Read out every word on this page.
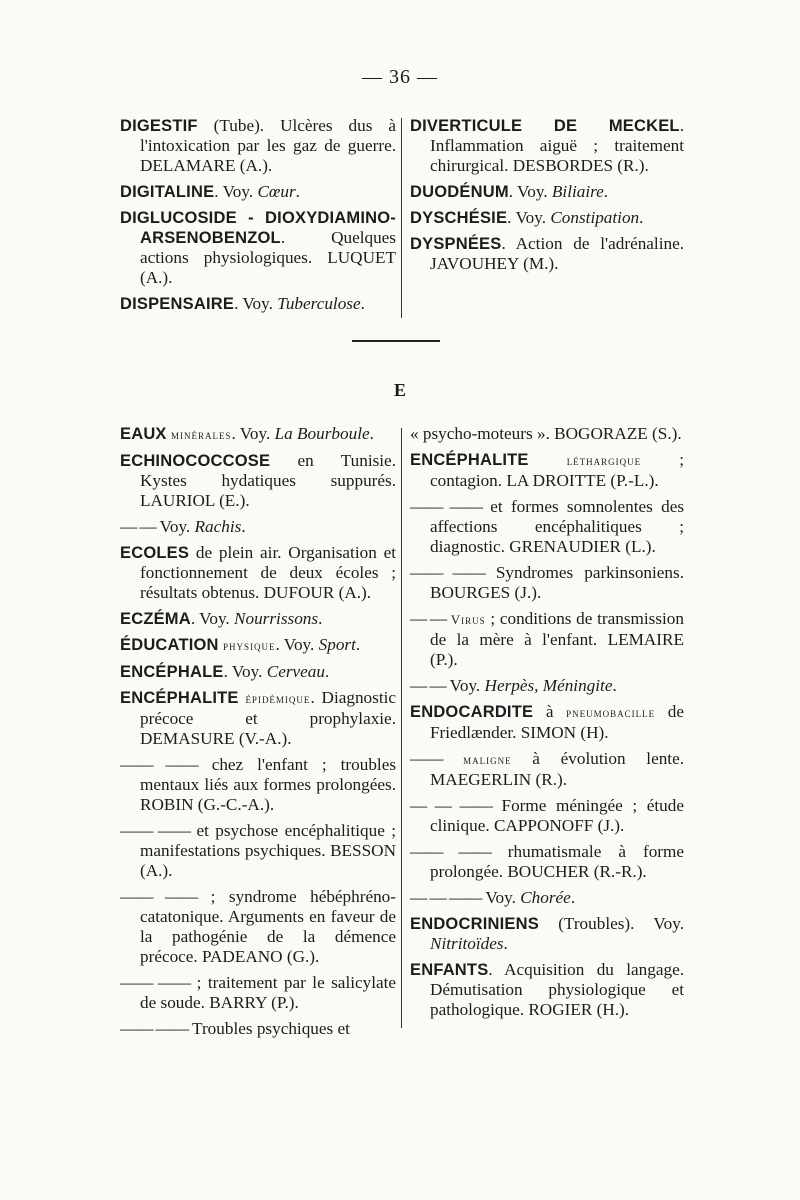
— 36 —

DIGESTIF (Tube). Ulcères dus à l'intoxication par les gaz de guerre. DELAMARE (A.).

DIGITALINE. Voy. Cœur.

DIGLUCOSIDE - DIOXYDIAMINO-ARSENOBENZOL. Quelques actions physiologiques. LUQUET (A.).

DISPENSAIRE. Voy. Tuberculose.

DIVERTICULE DE MECKEL. Inflammation aiguë ; traitement chirurgical. DESBORDES (R.).

DUODÉNUM. Voy. Biliaire.

DYSCHÉSIE. Voy. Constipation.

DYSPNÉES. Action de l'adrénaline. JAVOUHEY (M.).

E

EAUX minérales. Voy. La Bourboule.

ECHINOCOCCOSE en Tunisie. Kystes hydatiques suppurés. LAURIOL (E.).

— — Voy. Rachis.

ECOLES de plein air. Organisation et fonctionnement de deux écoles ; résultats obtenus. DUFOUR (A.).

ECZÉMA. Voy. Nourrissons.

ÉDUCATION physique. Voy. Sport.

ENCÉPHALE. Voy. Cerveau.

ENCÉPHALITE épidémique. Diagnostic précoce et prophylaxie. DEMASURE (V.-A.).

—— —— chez l'enfant ; troubles mentaux liés aux formes prolongées. ROBIN (G.-C.-A.).

—— —— et psychose encéphalitique ; manifestations psychiques. BESSON (A.).

—— —— ; syndrome hébéphréno-catatonique. Arguments en faveur de la pathogénie de la démence précoce. PADEANO (G.).

—— —— ; traitement par le salicylate de soude. BARRY (P.).

—— —— Troubles psychiques et

« psycho-moteurs ». BOGORAZE (S.).

ENCÉPHALITE	léthargique ; contagion. LA DROITTE (P.-L.).

—— —— et formes somnolentes des affections encéphalitiques ; diagnostic. GRENAUDIER (L.).

—— —— Syndromes parkinsoniens. BOURGES (J.).

— — Virus ; conditions de transmission de la mère à l'enfant. LEMAIRE (P.).

— — Voy. Herpès, Méningite.

ENDOCARDITE à pneumobacille de Friedlænder. SIMON (H).

—— maligne à évolution lente. MAEGERLIN (R.).

— — —— Forme méningée ; étude clinique. CAPPONOFF (J.).

—— —— rhumatismale à forme prolongée. BOUCHER (R.-R.).

— — —— Voy. Chorée.

ENDOCRINIENS (Troubles). Voy. Nitritoïdes.

ENFANTS. Acquisition du langage. Démutisation physiologique et pathologique. ROGIER (H.).
